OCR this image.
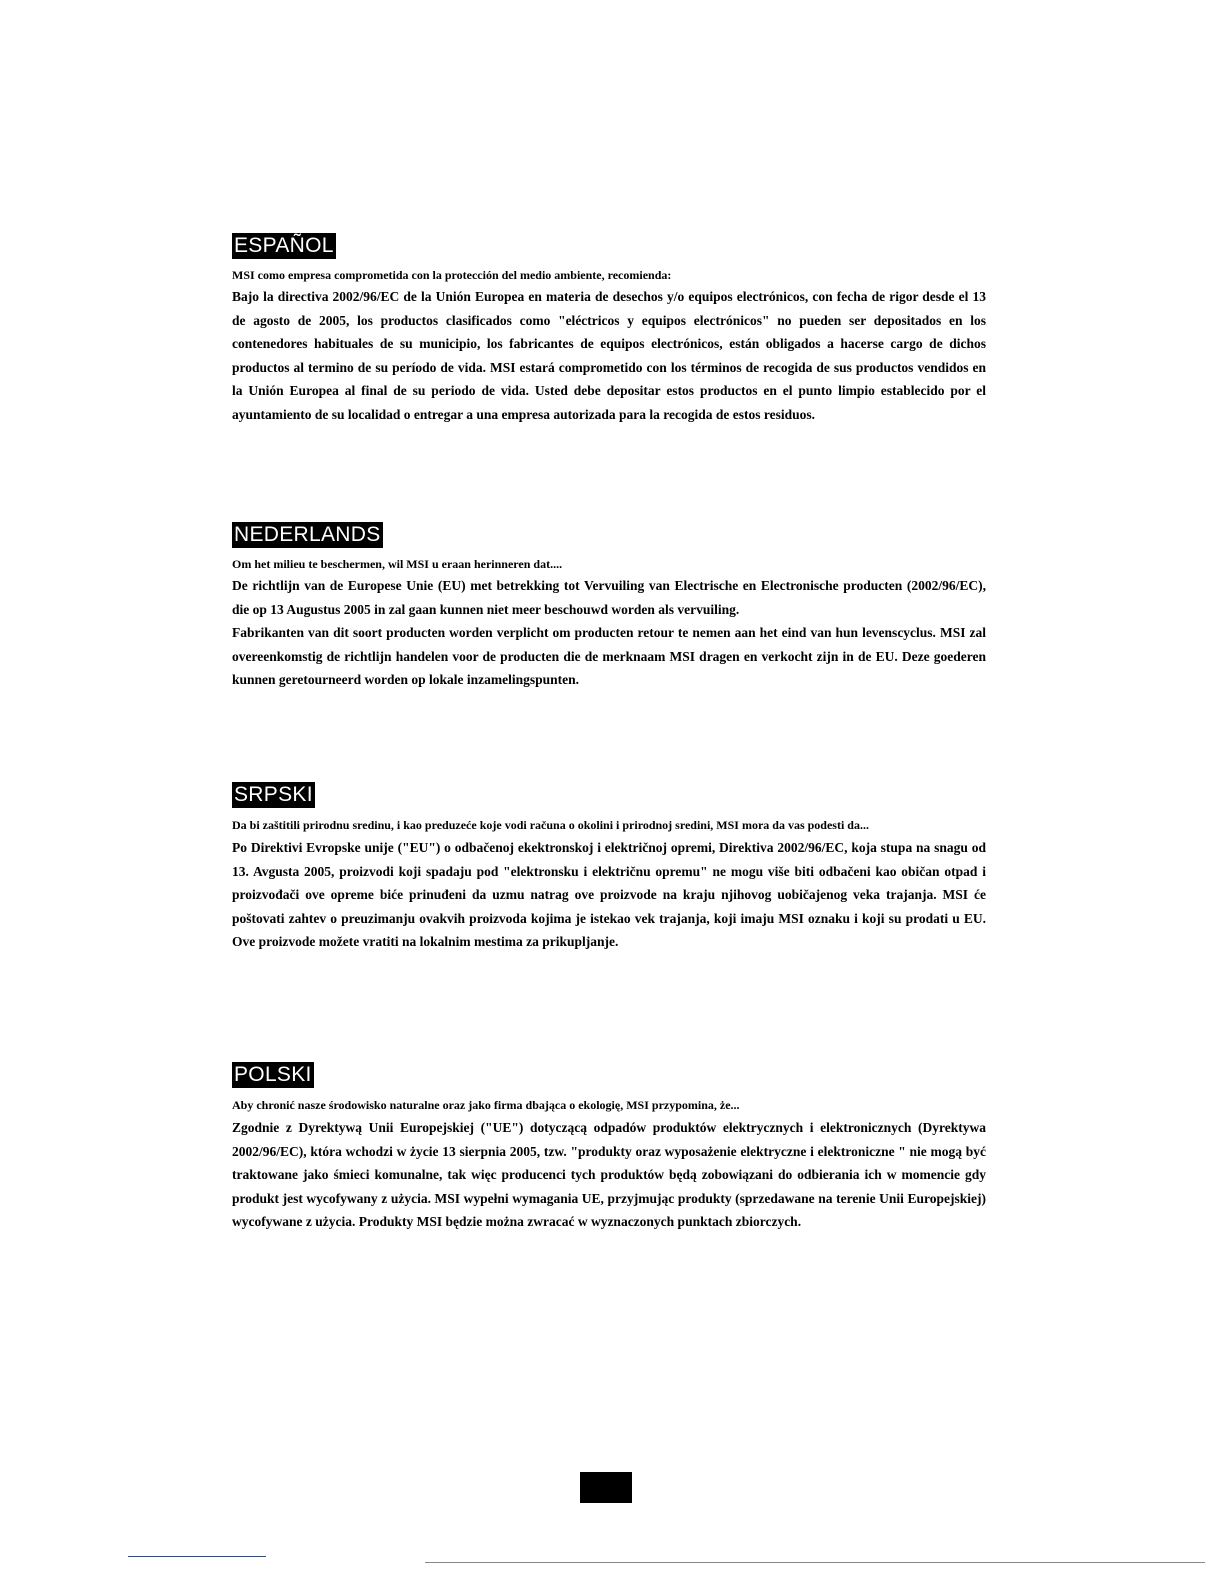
ESPAÑOL

MSI como empresa comprometida con la protección del medio ambiente, recomienda:

Bajo la directiva 2002/96/EC de la Unión Europea en materia de desechos y/o equipos electrónicos, con fecha de rigor desde el 13 de agosto de 2005, los productos clasificados como "eléctricos y equipos electrónicos" no pueden ser depositados en los contenedores habituales de su municipio, los fabricantes de equipos electrónicos, están obligados a hacerse cargo de dichos productos al termino de su período de vida. MSI estará comprometido con los términos de recogida de sus productos vendidos en la Unión Europea al final de su periodo de vida. Usted debe depositar estos productos en el punto limpio establecido por el ayuntamiento de su localidad o entregar a una empresa autorizada para la recogida de estos residuos.

NEDERLANDS

Om het milieu te beschermen, wil MSI u eraan herinneren dat....

De richtlijn van de Europese Unie (EU) met betrekking tot Vervuiling van Electrische en Electronische producten (2002/96/EC), die op 13 Augustus 2005 in zal gaan kunnen niet meer beschouwd worden als vervuiling.

Fabrikanten van dit soort producten worden verplicht om producten retour te nemen aan het eind van hun levenscyclus. MSI zal overeenkomstig de richtlijn handelen voor de producten die de merknaam MSI dragen en verkocht zijn in de EU. Deze goederen kunnen geretourneerd worden op lokale inzamelingspunten.

SRPSKI

Da bi zaštitili prirodnu sredinu, i kao preduzeće koje vodi računa o okolini i prirodnoj sredini, MSI mora da vas podesti da...

Po Direktivi Evropske unije ("EU") o odbačenoj ekektronskoj i električnoj opremi, Direktiva 2002/96/EC, koja stupa na snagu od 13. Avgusta 2005, proizvodi koji spadaju pod "elektronsku i električnu opremu" ne mogu više biti odbačeni kao običan otpad i proizvođači ove opreme biće prinuđeni da uzmu natrag ove proizvode na kraju njihovog uobičajenog veka trajanja. MSI će poštovati zahtev o preuzimanju ovakvih proizvoda kojima je istekao vek trajanja, koji imaju MSI oznaku i koji su prodati u EU. Ove proizvode možete vratiti na lokalnim mestima za prikupljanje.

POLSKI

Aby chronić nasze środowisko naturalne oraz jako firma dbająca o ekologię, MSI przypomina, że...

Zgodnie z Dyrektywą Unii Europejskiej ("UE") dotyczącą odpadów produktów elektrycznych i elektronicznych (Dyrektywa 2002/96/EC), która wchodzi w życie 13 sierpnia 2005, tzw. "produkty oraz wyposażenie elektryczne i elektroniczne " nie mogą być traktowane jako śmieci komunalne, tak więc producenci tych produktów będą zobowiązani do odbierania ich w momencie gdy produkt jest wycofywany z użycia. MSI wypełni wymagania UE, przyjmując produkty (sprzedawane na terenie Unii Europejskiej) wycofywane z użycia. Produkty MSI będzie można zwracać w wyznaczonych punktach zbiorczych.
